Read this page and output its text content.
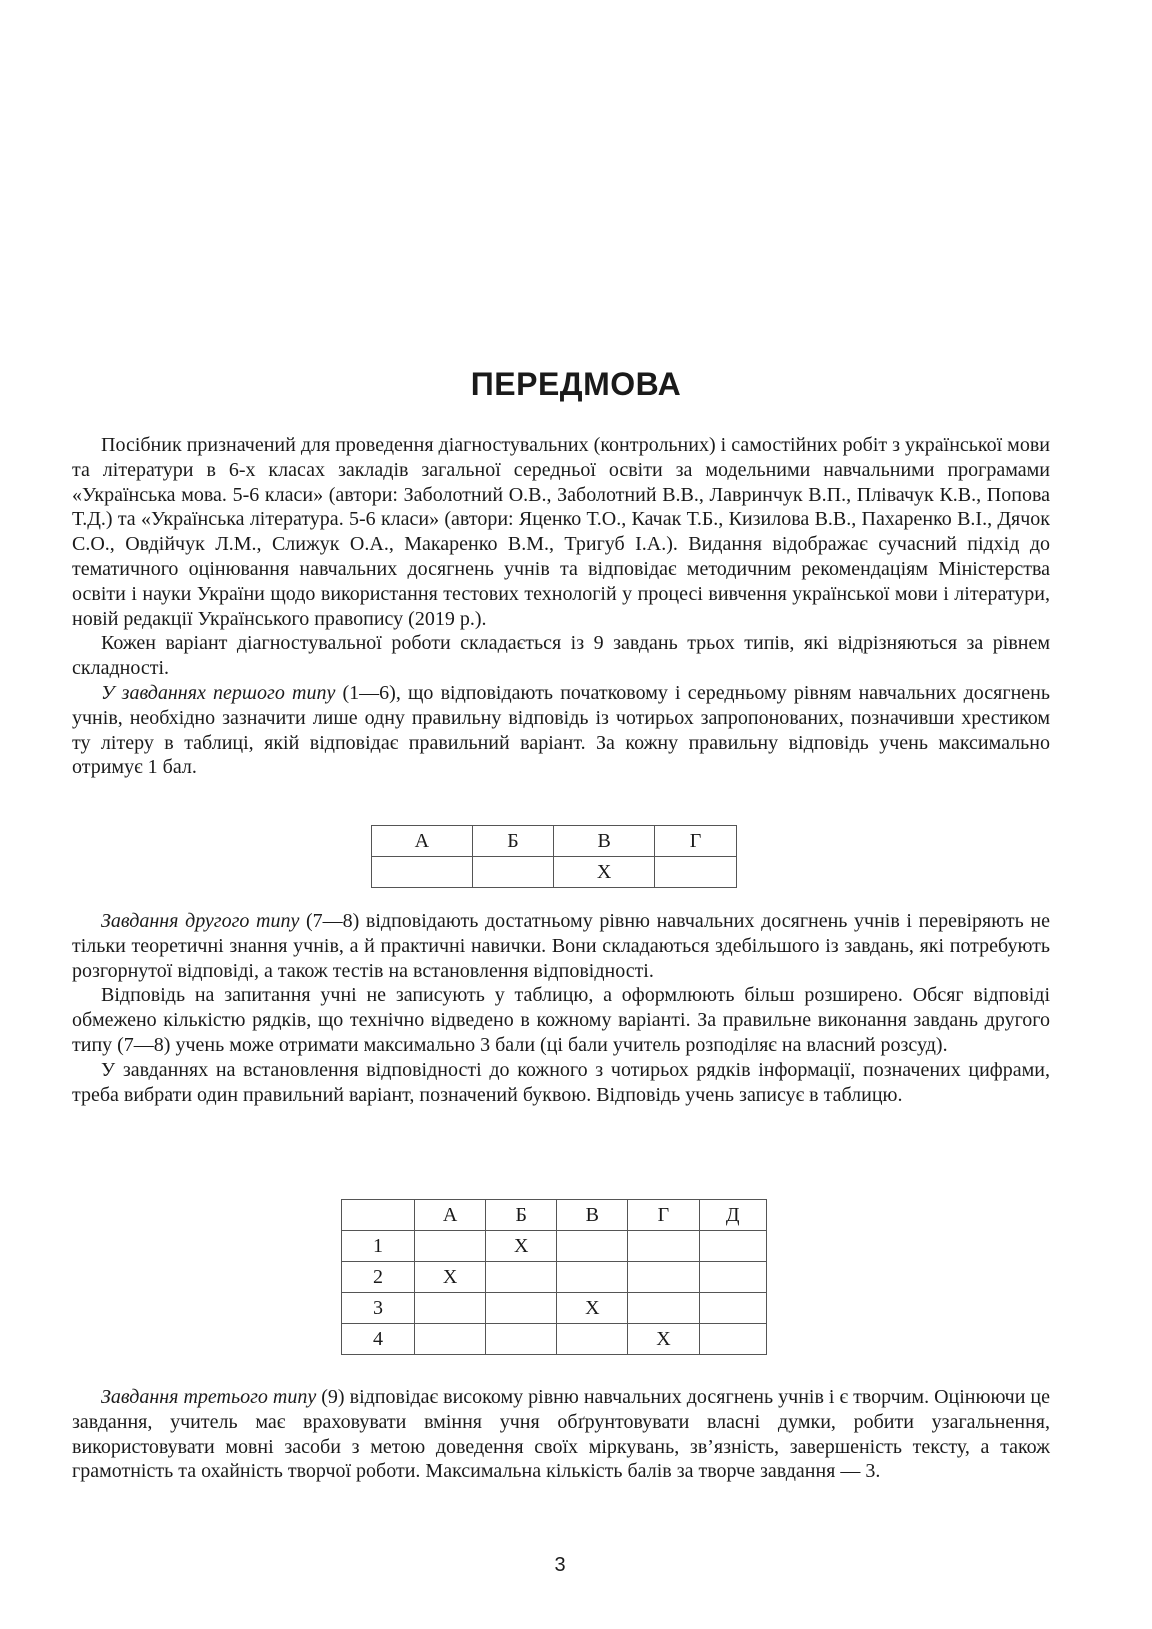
ПЕРЕДМОВА

Посібник призначений для проведення діагностувальних (контрольних) і самостійних робіт з української мови та літератури в 6-х класах закладів загальної середньої освіти за модельними навчальними програмами «Українська мова. 5-6 класи» (автори: Заболотний О.В., Заболотний В.В., Лавринчук В.П., Плівачук К.В., Попова Т.Д.) та «Українська література. 5-6 класи» (автори: Яценко Т.О., Качак Т.Б., Кизилова В.В., Пахаренко В.І., Дячок С.О., Овдійчук Л.М., Слижук О.А., Макаренко В.М., Тригуб І.А.). Видання відображає сучасний підхід до тематичного оцінювання навчальних досягнень учнів та відповідає методичним рекомендаціям Міністерства освіти і науки України щодо використання тестових технологій у процесі вивчення української мови і літератури, новій редакції Українського правопису (2019 р.).

Кожен варіант діагностувальної роботи складається із 9 завдань трьох типів, які відрізняються за рівнем складності.

У завданнях першого типу (1—6), що відповідають початковому і середньому рівням навчальних досягнень учнів, необхідно зазначити лише одну правильну відповідь із чотирьох запропонованих, позначивши хрестиком ту літеру в таблиці, якій відповідає правильний варіант. За кожну правильну відповідь учень максимально отримує 1 бал.

А	Б	В	Г
		Х	

Завдання другого типу (7—8) відповідають достатньому рівню навчальних досягнень учнів і перевіряють не тільки теоретичні знання учнів, а й практичні навички. Вони складаються здебільшого із завдань, які потребують розгорнутої відповіді, а також тестів на встановлення відповідності.

Відповідь на запитання учні не записують у таблицю, а оформлюють більш розширено. Обсяг відповіді обмежено кількістю рядків, що технічно відведено в кожному варіанті. За правильне виконання завдань другого типу (7—8) учень може отримати максимально 3 бали (ці бали учитель розподіляє на власний розсуд).

У завданнях на встановлення відповідності до кожного з чотирьох рядків інформації, позначених цифрами, треба вибрати один правильний варіант, позначений буквою. Відповідь учень записує в таблицю.

	А	Б	В	Г	Д
1		Х			
2	Х				
3			Х		
4				Х	

Завдання третього типу (9) відповідає високому рівню навчальних досягнень учнів і є творчим. Оцінюючи це завдання, учитель має враховувати вміння учня обґрунтовувати власні думки, робити узагальнення, використовувати мовні засоби з метою доведення своїх міркувань, зв’язність, завершеність тексту, а також грамотність та охайність творчої роботи. Максимальна кількість балів за творче завдання — 3.

3
